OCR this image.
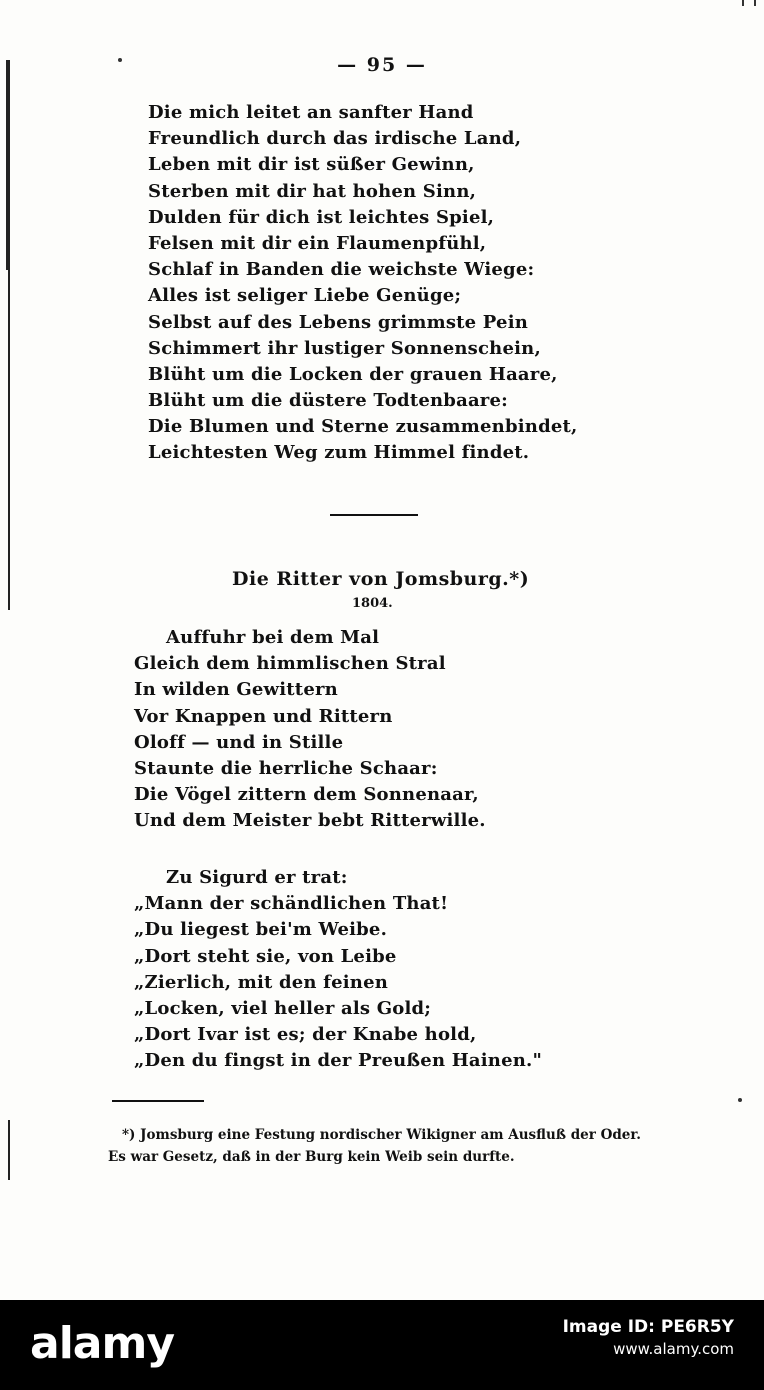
— 95 —
Die mich leitet an sanfter Hand
Freundlich durch das irdische Land,
Leben mit dir ist süßer Gewinn,
Sterben mit dir hat hohen Sinn,
Dulden für dich ist leichtes Spiel,
Felsen mit dir ein Flaumenpfühl,
Schlaf in Banden die weichste Wiege:
Alles ist seliger Liebe Genüge;
Selbst auf des Lebens grimmste Pein
Schimmert ihr lustiger Sonnenschein,
Blüht um die Locken der grauen Haare,
Blüht um die düstere Todtenbaare:
Die Blumen und Sterne zusammenbindet,
Leichtesten Weg zum Himmel findet.
Die Ritter von Jomsburg.*)
1804.
Auffuhr bei dem Mal
Gleich dem himmlischen Stral
In wilden Gewittern
Vor Knappen und Rittern
Oloff — und in Stille
Staunte die herrliche Schaar:
Die Vögel zittern dem Sonnenaar,
Und dem Meister bebt Ritterwille.
Zu Sigurd er trat:
„Mann der schändlichen That!
„Du liegest bei'm Weibe.
„Dort steht sie, von Leibe
„Zierlich, mit den feinen
„Locken, viel heller als Gold;
„Dort Ivar ist es; der Knabe hold,
„Den du fingst in der Preußen Hainen."
*) Jomsburg eine Festung nordischer Wikigner am Ausfluß der Oder.
Es war Gesetz, daß in der Burg kein Weib sein durfte.
alamy	Image ID: PE6R5Y
www.alamy.com
